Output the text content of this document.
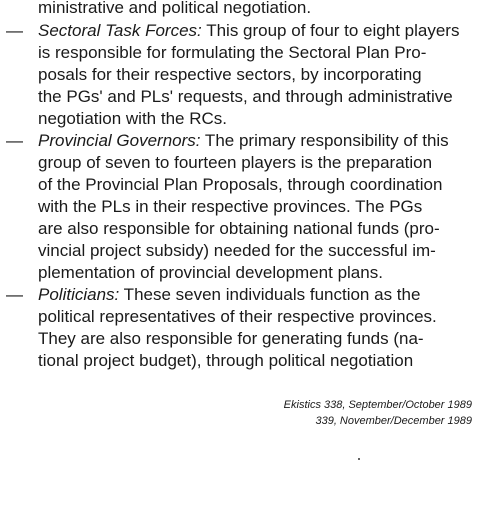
ministrative and political negotiation.
— Sectoral Task Forces: This group of four to eight players
is responsible for formulating the Sectoral Plan Pro-
posals for their respective sectors, by incorporating
the PGs' and PLs' requests, and through administrative
negotiation with the RCs.
— Provincial Governors: The primary responsibility of this
group of seven to fourteen players is the preparation
of the Provincial Plan Proposals, through coordination
with the PLs in their respective provinces. The PGs
are also responsible for obtaining national funds (pro-
vincial project subsidy) needed for the successful im-
plementation of provincial development plans.
— Politicians: These seven individuals function as the
political representatives of their respective provinces.
They are also responsible for generating funds (na-
tional project budget), through political negotiation
Ekistics 338, September/October 1989
339, November/December 1989
